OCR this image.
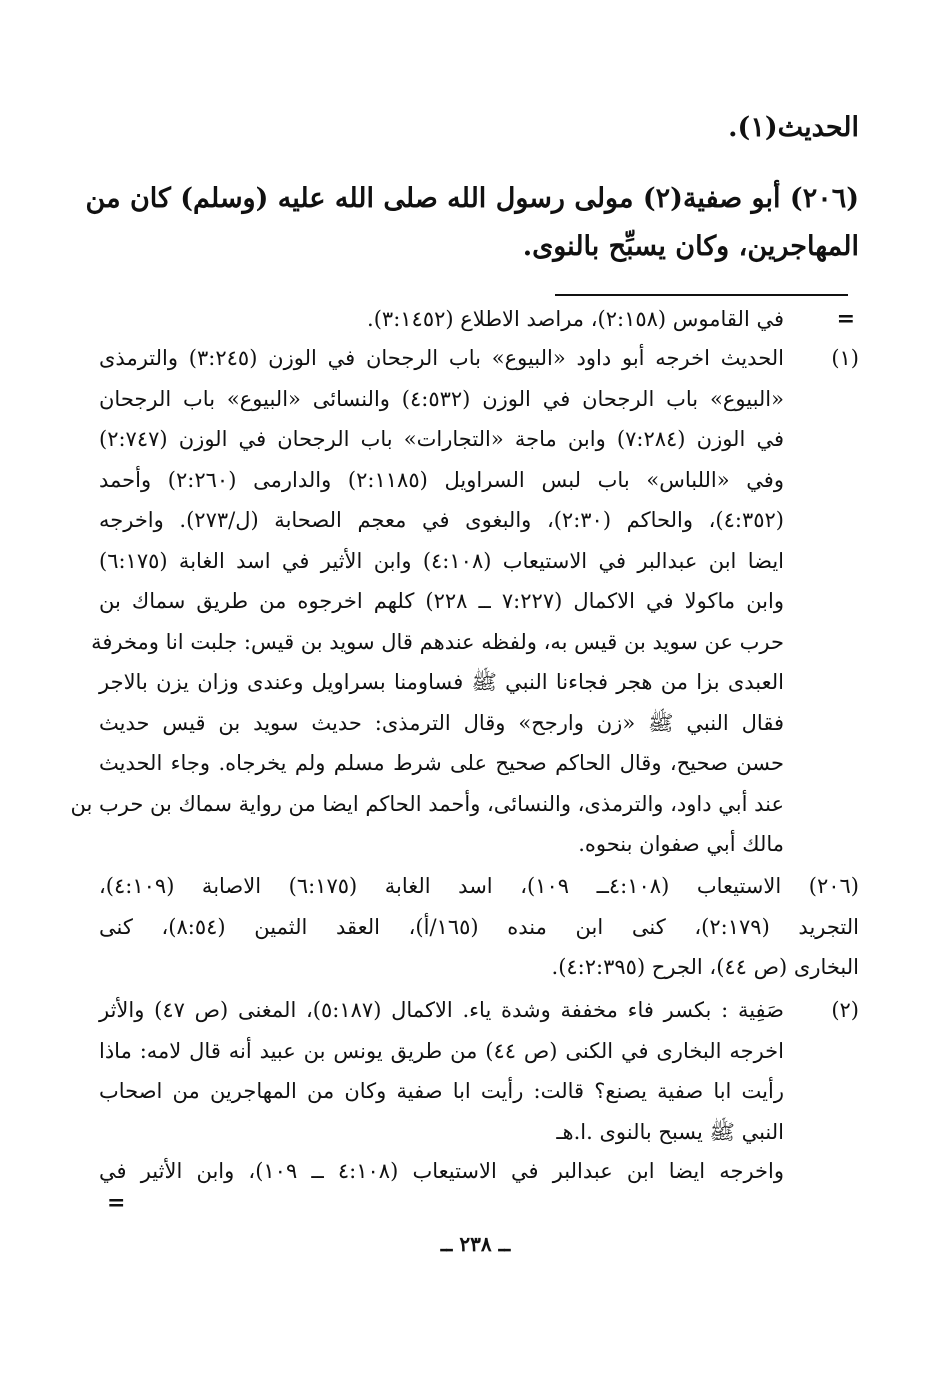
الحديث(١).
(٢٠٦) أبو صفية(٢) مولى رسول الله صلى الله عليه (وسلم) كان من
المهاجرين، وكان يسبِّح بالنوى.
=
في القاموس (٢:١٥٨)، مراصد الاطلاع (٣:١٤٥٢).
(١)
الحديث اخرجه أبو داود «البيوع» باب الرجحان في الوزن (٣:٢٤٥) والترمذى
«البيوع» باب الرجحان في الوزن (٤:٥٣٢) والنسائى «البيوع» باب الرجحان
في الوزن (٧:٢٨٤) وابن ماجة «التجارات» باب الرجحان في الوزن (٢:٧٤٧)
وفي «اللباس» باب لبس السراويل (٢:١١٨٥) والدارمى (٢:٢٦٠) وأحمد
(٤:٣٥٢)، والحاكم (٢:٣٠)، والبغوى في معجم الصحابة (ل/٢٧٣). واخرجه
ايضا ابن عبدالبر في الاستيعاب (٤:١٠٨) وابن الأثير في اسد الغابة (٦:١٧٥)
وابن ماكولا في الاكمال (٧:٢٢٧ ــ ٢٢٨) كلهم اخرجوه من طريق سماك بن
حرب عن سويد بن قيس به، ولفظه عندهم قال سويد بن قيس: جلبت انا ومخرفة
العبدى بزا من هجر فجاءنا النبي ﷺ فساومنا بسراويل وعندى وزان يزن بالاجر
فقال النبي ﷺ «زن وارجح» وقال الترمذى: حديث سويد بن قيس حديث
حسن صحيح، وقال الحاكم صحيح على شرط مسلم ولم يخرجاه. وجاء الحديث
عند أبي داود، والترمذى، والنسائى، وأحمد الحاكم ايضا من رواية سماك بن حرب بن
مالك أبي صفوان بنحوه.
(٢٠٦) الاستيعاب (٤:١٠٨ــ ١٠٩)، اسد الغابة (٦:١٧٥) الاصابة (٤:١٠٩)،
التجريد (٢:١٧٩)، كنى ابن منده (١٦٥/أ)، العقد الثمين (٨:٥٤)، كنى
البخارى (ص ٤٤)، الجرح (٤:٢:٣٩٥).
(٢)
صَفِية : بكسر فاء مخففة وشدة ياء. الاكمال (٥:١٨٧)، المغنى (ص ٤٧) والأثر
اخرجه البخارى في الكنى (ص ٤٤) من طريق يونس بن عبيد أنه قال لامه: ماذا
رأيت ابا صفية يصنع؟ قالت: رأيت ابا صفية وكان من المهاجرين من اصحاب
النبي ﷺ يسبح بالنوى .ا.هـ
واخرجه ايضا ابن عبدالبر في الاستيعاب (٤:١٠٨ ــ ١٠٩)، وابن الأثير في
=
ــ ٢٣٨ ــ
